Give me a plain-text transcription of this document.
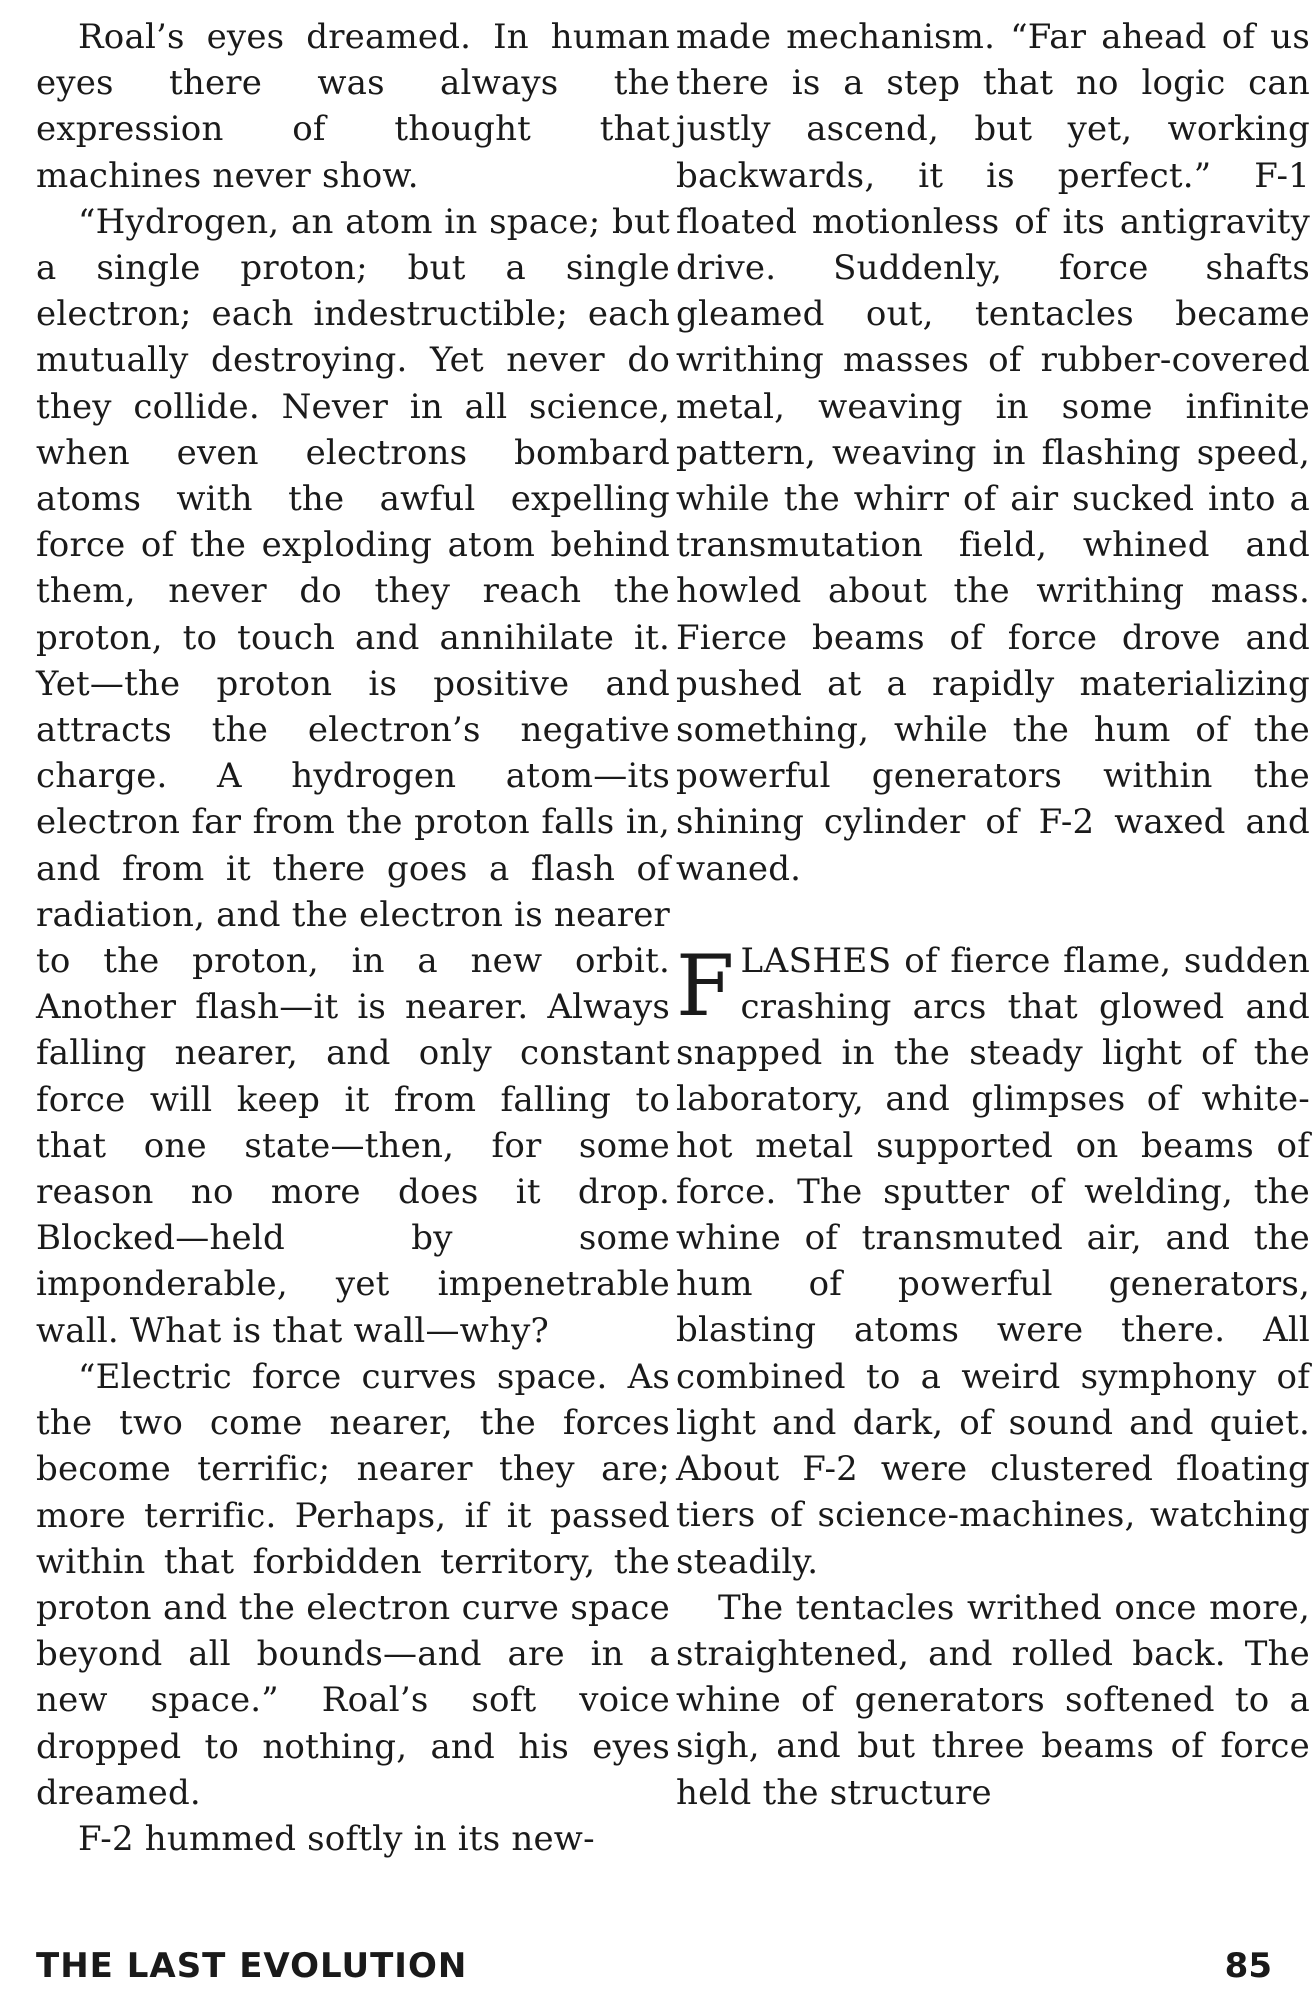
Roal’s eyes dreamed. In human eyes there was always the expression of thought that machines never show.

“Hydrogen, an atom in space; but a single proton; but a single electron; each indestructible; each mutually destroying. Yet never do they collide. Never in all science, when even electrons bombard atoms with the awful expelling force of the exploding atom behind them, never do they reach the proton, to touch and annihilate it. Yet—the proton is positive and attracts the electron’s negative charge. A hydrogen atom—its electron far from the proton falls in, and from it there goes a flash of radiation, and the electron is nearer to the proton, in a new orbit. Another flash—it is nearer. Always falling nearer, and only constant force will keep it from falling to that one state—then, for some reason no more does it drop. Blocked—held by some imponderable, yet impenetrable wall. What is that wall—why?

“Electric force curves space. As the two come nearer, the forces become terrific; nearer they are; more terrific. Perhaps, if it passed within that forbidden territory, the proton and the electron curve space beyond all bounds—and are in a new space.” Roal’s soft voice dropped to nothing, and his eyes dreamed.

F-2 hummed softly in its new-

made mechanism. “Far ahead of us there is a step that no logic can justly ascend, but yet, working backwards, it is perfect.” F-1 floated motionless of its antigravity drive. Suddenly, force shafts gleamed out, tentacles became writhing masses of rubber-covered metal, weaving in some infinite pattern, weaving in flashing speed, while the whirr of air sucked into a transmutation field, whined and howled about the writhing mass. Fierce beams of force drove and pushed at a rapidly materializing something, while the hum of the powerful generators within the shining cylinder of F-2 waxed and waned.

FLASHES of fierce flame, sudden crashing arcs that glowed and snapped in the steady light of the laboratory, and glimpses of white-hot metal supported on beams of force. The sputter of welding, the whine of transmuted air, and the hum of powerful generators, blasting atoms were there. All combined to a weird symphony of light and dark, of sound and quiet. About F-2 were clustered floating tiers of science-machines, watching steadily.

The tentacles writhed once more, straightened, and rolled back. The whine of generators softened to a sigh, and but three beams of force held the structure

THE LAST EVOLUTION	85
